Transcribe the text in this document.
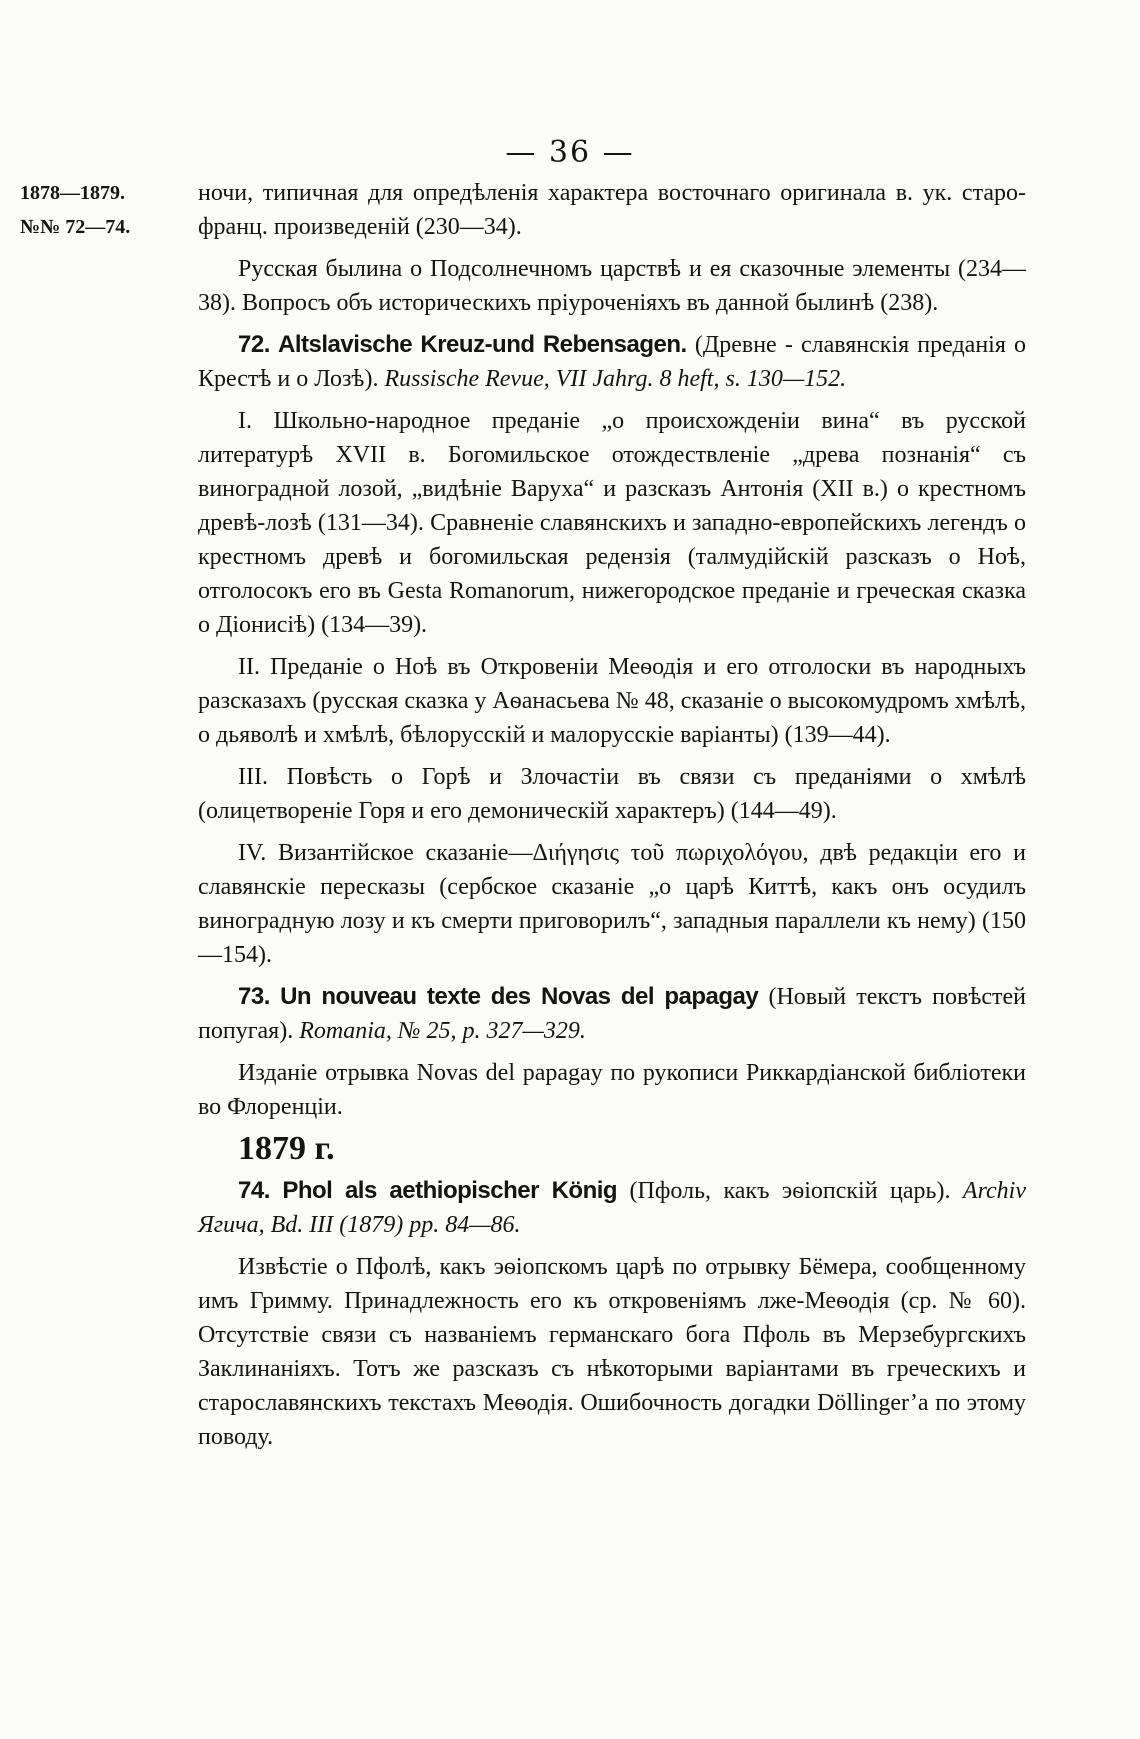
— 36 —
1878—1879.
№№ 72—74.

ночи, типичная для опредѣленія характера восточнаго оригинала в. ук. старо-франц. произведеній (230—34).

Русская былина о Подсолнечномъ царствѣ и ея сказочные элементы (234—38). Вопросъ объ историческихъ пріуроченіяхъ въ данной былинѣ (238).

72. Altslavische Kreuz-und Rebensagen. (Древне - славянскія преданія о Крестѣ и о Лозѣ). Russische Revue, VII Jahrg. 8 heft, s. 130—152.

I. Школьно-народное преданіе „о происхожденіи вина“ въ русской литературѣ XVII в. Богомильское отождествленіе „древа познанія“ съ виноградной лозой, „видѣніе Варуха“ и разсказъ Антонія (XII в.) о крестномъ древѣ-лозѣ (131—34). Сравненіе славянскихъ и западно-европейскихъ легендъ о крестномъ древѣ и богомильская редензія (талмудійскій разсказъ о Ноѣ, отголосокъ его въ Gesta Romanorum, нижегородское преданіе и греческая сказка о Діонисіѣ) (134—39).

II. Преданіе о Ноѣ въ Откровеніи Меѳодія и его отголоски въ народныхъ разсказахъ (русская сказка у Аѳанасьева № 48, сказаніе о высокомудромъ хмѣлѣ, о дьяволѣ и хмѣлѣ, бѣлорусскій и малорусскіе варіанты) (139—44).

III. Повѣсть о Горѣ и Злочастіи въ связи съ преданіями о хмѣлѣ (олицетвореніе Горя и его демоническій характеръ) (144—49).

IV. Византійское сказаніе—Διήγησις τοῦ πωριχολόγου, двѣ редакціи его и славянскіе пересказы (сербское сказаніе „о царѣ Киттѣ, какъ онъ осудилъ виноградную лозу и къ смерти приговорилъ“, западныя параллели къ нему) (150—154).

73. Un nouveau texte des Novas del papagay (Новый текстъ повѣстей попугая). Romania, № 25, p. 327—329.

Изданіе отрывка Novas del papagay по рукописи Риккардіанской библіотеки во Флоренціи.

1879 г.

74. Phol als aethiopischer König (Пфоль, какъ эѳіопскій царь). Archiv Ягича, Bd. III (1879) pp. 84—86.

Извѣстіе о Пфолѣ, какъ эѳіопскомъ царѣ по отрывку Бёмера, сообщенному имъ Гримму. Принадлежность его къ откровеніямъ лже-Меѳодія (ср. № 60). Отсутствіе связи съ названіемъ германскаго бога Пфоль въ Мерзебургскихъ Заклинаніяхъ. Тотъ же разсказъ съ нѣкоторыми варіантами въ греческихъ и старославянскихъ текстахъ Меѳодія. Ошибочность догадки Döllinger’a по этому поводу.
